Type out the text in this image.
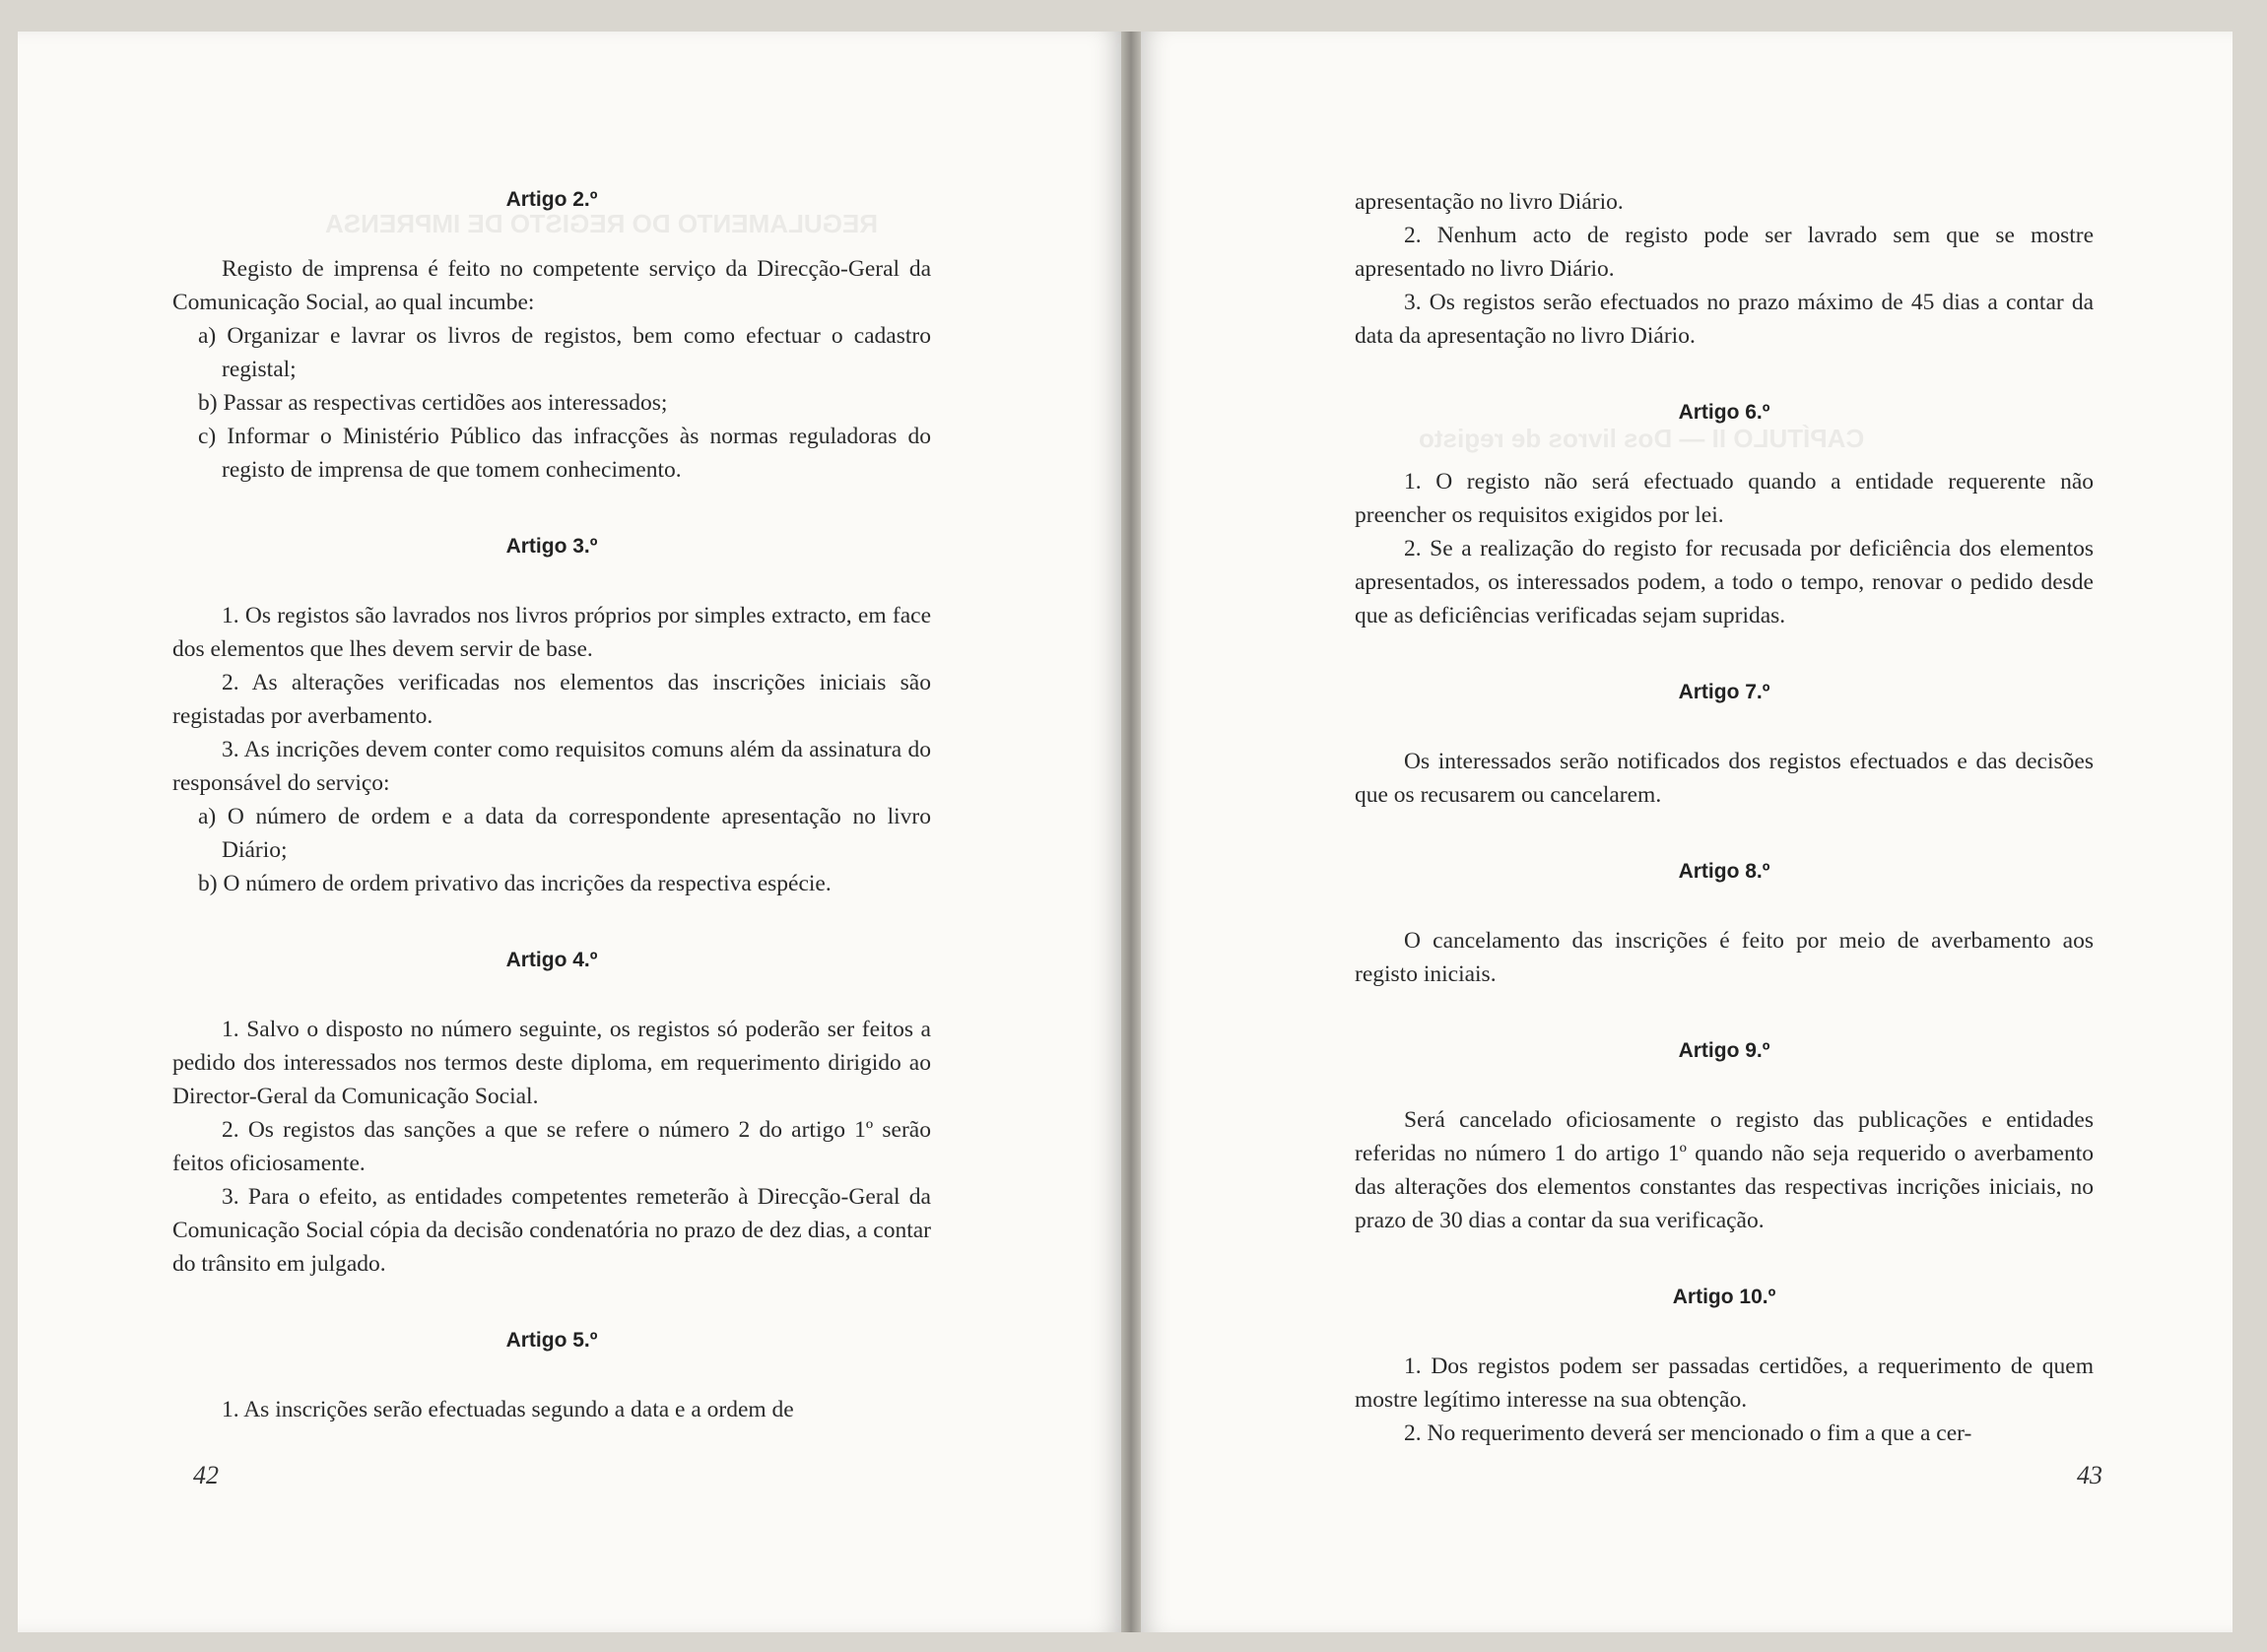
REGULAMENTO DO REGISTO DE IMPRENSA
CAPÍTULO II — Dos livros de registo
Artigo 2.º

Registo de imprensa é feito no competente serviço da Direcção-Geral da Comunicação Social, ao qual incumbe:

a) Organizar e lavrar os livros de registos, bem como efectuar o cadastro registal;

b) Passar as respectivas certidões aos interessados;

c) Informar o Ministério Público das infracções às normas reguladoras do registo de imprensa de que tomem conhecimento.

Artigo 3.º

1. Os registos são lavrados nos livros próprios por simples extracto, em face dos elementos que lhes devem servir de base.

2. As alterações verificadas nos elementos das inscrições iniciais são registadas por averbamento.

3. As incrições devem conter como requisitos comuns além da assinatura do responsável do serviço:

a) O número de ordem e a data da correspondente apresentação no livro Diário;

b) O número de ordem privativo das incrições da respectiva espécie.

Artigo 4.º

1. Salvo o disposto no número seguinte, os registos só poderão ser feitos a pedido dos interessados nos termos deste diploma, em requerimento dirigido ao Director-Geral da Comunicação Social.

2. Os registos das sanções a que se refere o número 2 do artigo 1º serão feitos oficiosamente.

3. Para o efeito, as entidades competentes remeterão à Direcção-Geral da Comunicação Social cópia da decisão condenatória no prazo de dez dias, a contar do trânsito em julgado.

Artigo 5.º

1. As inscrições serão efectuadas segundo a data e a ordem de

42

apresentação no livro Diário.

2. Nenhum acto de registo pode ser lavrado sem que se mostre apresentado no livro Diário.

3. Os registos serão efectuados no prazo máximo de 45 dias a contar da data da apresentação no livro Diário.

Artigo 6.º

1. O registo não será efectuado quando a entidade requerente não preencher os requisitos exigidos por lei.

2. Se a realização do registo for recusada por deficiência dos elementos apresentados, os interessados podem, a todo o tempo, renovar o pedido desde que as deficiências verificadas sejam supridas.

Artigo 7.º

Os interessados serão notificados dos registos efectuados e das decisões que os recusarem ou cancelarem.

Artigo 8.º

O cancelamento das inscrições é feito por meio de averbamento aos registo iniciais.

Artigo 9.º

Será cancelado oficiosamente o registo das publicações e entidades referidas no número 1 do artigo 1º quando não seja requerido o averbamento das alterações dos elementos constantes das respectivas incrições iniciais, no prazo de 30 dias a contar da sua verificação.

Artigo 10.º

1. Dos registos podem ser passadas certidões, a requerimento de quem mostre legítimo interesse na sua obtenção.

2. No requerimento deverá ser mencionado o fim a que a cer-

43
